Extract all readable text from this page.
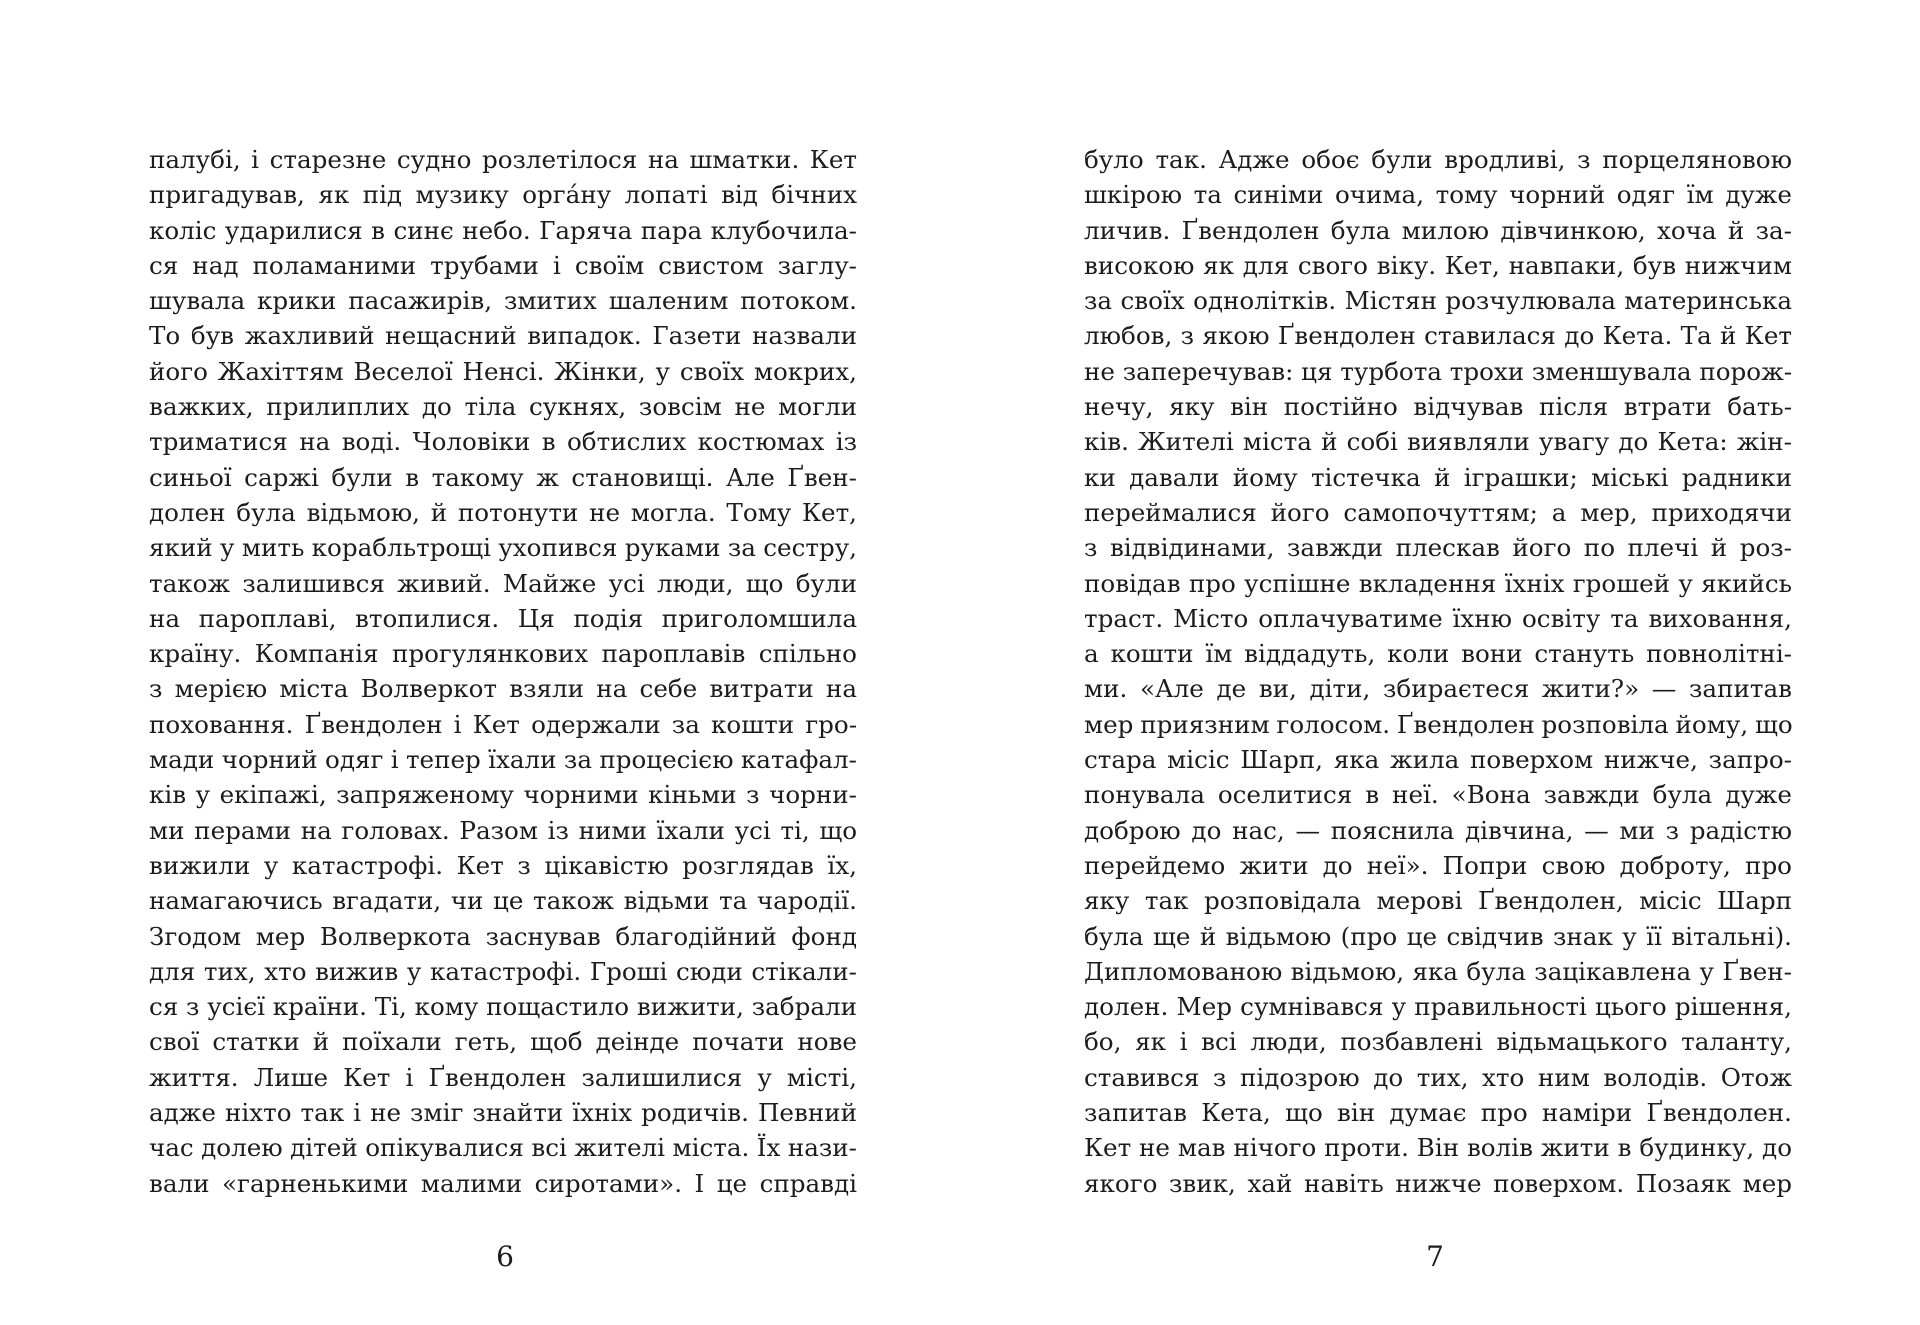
палубі, і старезне судно розлетілося на шматки. Кет
пригадував, як під музику орга́ну лопаті від бічних
коліс ударилися в синє небо. Гаряча пара клубочила-
ся над поламаними трубами і своїм свистом заглу-
шувала крики пасажирів, змитих шаленим потоком.
То був жахливий нещасний випадок. Газети назвали
його Жахіттям Веселої Ненсі. Жінки, у своїх мокрих,
важких, прилиплих до тіла сукнях, зовсім не могли
триматися на воді. Чоловіки в обтислих костюмах із
синьої саржі були в такому ж становищі. Але Ґвен-
долен була відьмою, й потонути не могла. Тому Кет,
який у мить корабльтрощі ухопився руками за сестру,
також залишився живий. Майже усі люди, що були
на пароплаві, втопилися. Ця подія приголомшила
країну. Компанія прогулянкових пароплавів спільно
з мерією міста Волверкот взяли на себе витрати на
поховання. Ґвендолен і Кет одержали за кошти гро-
мади чорний одяг і тепер їхали за процесією катафал-
ків у екіпажі, запряженому чорними кіньми з чорни-
ми перами на головах. Разом із ними їхали усі ті, що
вижили у катастрофі. Кет з цікавістю розглядав їх,
намагаючись вгадати, чи це також відьми та чародії.
Згодом мер Волверкота заснував благодійний фонд
для тих, хто вижив у катастрофі. Гроші сюди стікали-
ся з усієї країни. Ті, кому пощастило вижити, забрали
свої статки й поїхали геть, щоб деінде почати нове
життя. Лише Кет і Ґвендолен залишилися у місті,
адже ніхто так і не зміг знайти їхніх родичів. Певний
час долею дітей опікувалися всі жителі міста. Їх нази-
вали «гарненькими малими сиротами». І це справді
6
було так. Адже обоє були вродливі, з порцеляновою
шкірою та синіми очима, тому чорний одяг їм дуже
личив. Ґвендолен була милою дівчинкою, хоча й за-
високою як для свого віку. Кет, навпаки, був нижчим
за своїх однолітків. Містян розчулювала материнська
любов, з якою Ґвендолен ставилася до Кета. Та й Кет
не заперечував: ця турбота трохи зменшувала порож-
нечу, яку він постійно відчував після втрати бать-
ків. Жителі міста й собі виявляли увагу до Кета: жін-
ки давали йому тістечка й іграшки; міські радники
переймалися його самопочуттям; а мер, приходячи
з відвідинами, завжди плескав його по плечі й роз-
повідав про успішне вкладення їхніх грошей у якийсь
траст. Місто оплачуватиме їхню освіту та виховання,
а кошти їм віддадуть, коли вони стануть повнолітні-
ми. «Але де ви, діти, збираєтеся жити?» — запитав
мер приязним голосом. Ґвендолен розповіла йому, що
стара місіс Шарп, яка жила поверхом нижче, запро-
понувала оселитися в неї. «Вона завжди була дуже
доброю до нас, — пояснила дівчина, — ми з радістю
перейдемо жити до неї». Попри свою доброту, про
яку так розповідала мерові Ґвендолен, місіс Шарп
була ще й відьмою (про це свідчив знак у її вітальні).
Дипломованою відьмою, яка була зацікавлена у Ґвен-
долен. Мер сумнівався у правильності цього рішення,
бо, як і всі люди, позбавлені відьмацького таланту,
ставився з підозрою до тих, хто ним володів. Отож
запитав Кета, що він думає про наміри Ґвендолен.
Кет не мав нічого проти. Він волів жити в будинку, до
якого звик, хай навіть нижче поверхом. Позаяк мер
7
